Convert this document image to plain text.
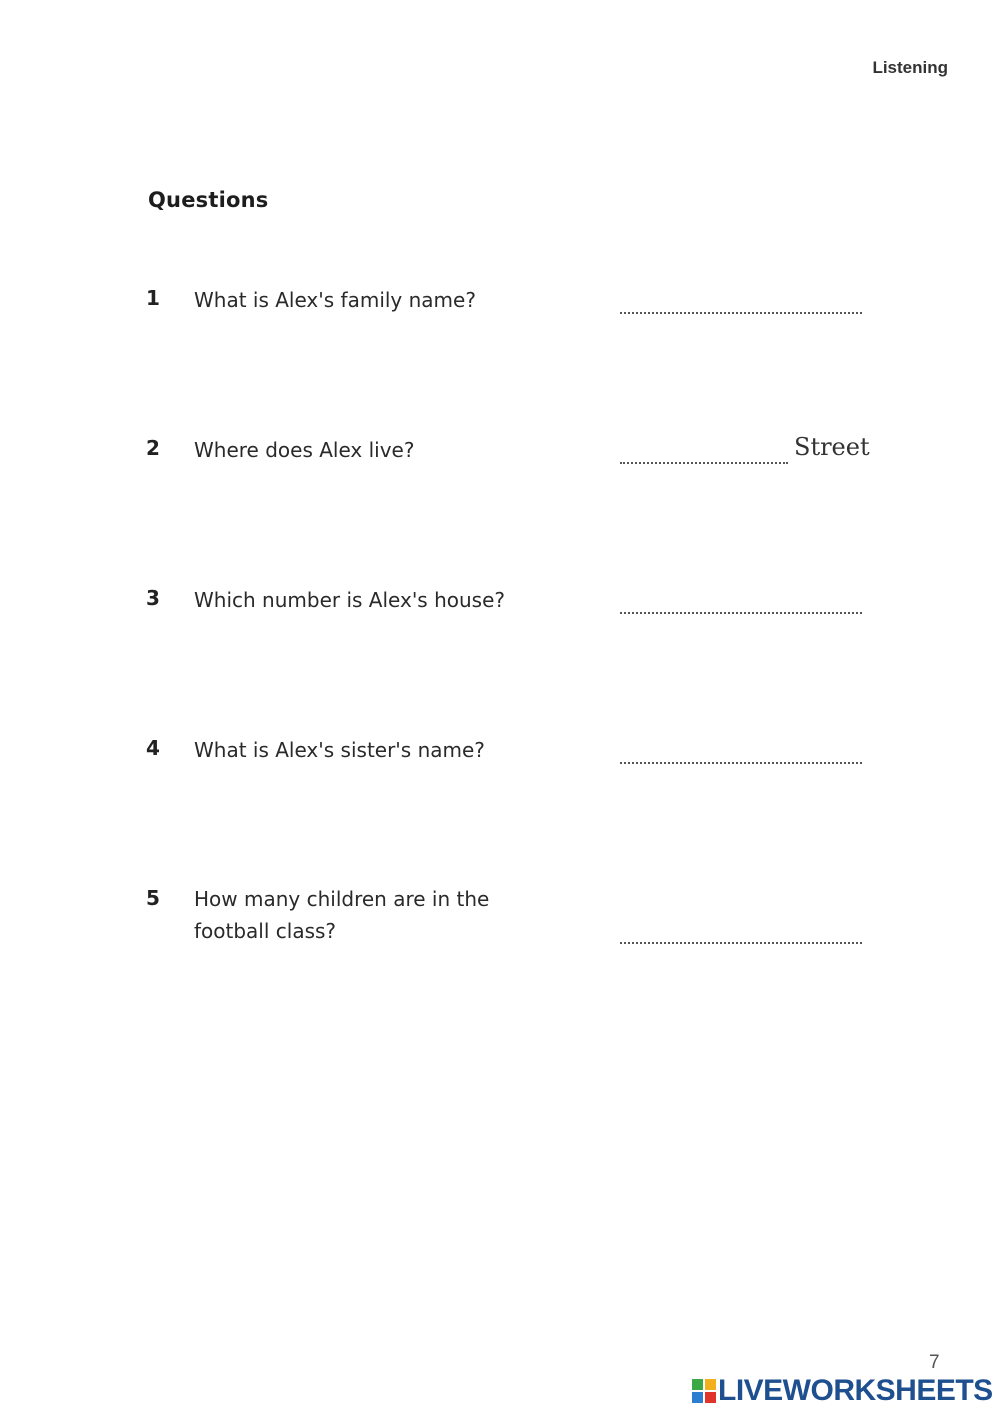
Listening
Questions
1 What is Alex's family name?
2 Where does Alex live?	Street
3 Which number is Alex's house?
4 What is Alex's sister's name?
5 How many children are in the football class?
7
LIVEWORKSHEETS
